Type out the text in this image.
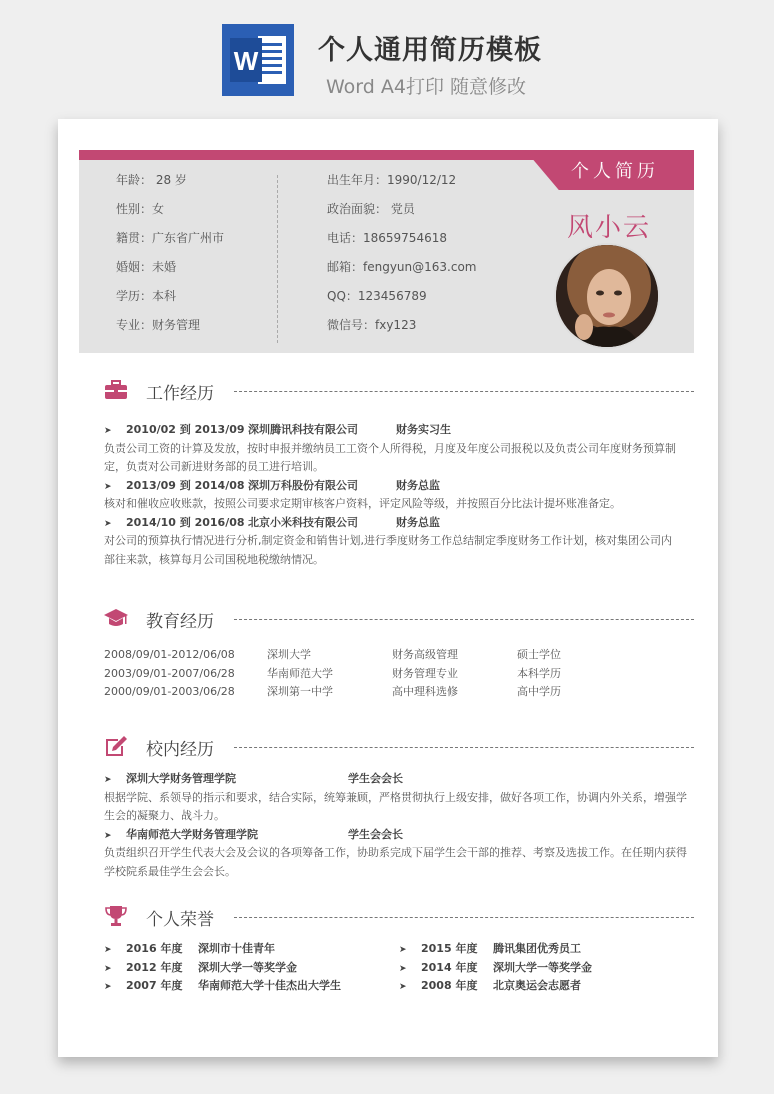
W 个人通用简历模板
Word A4打印 随意修改
个人简历
年龄： 28 岁
性别：女
籍贯：广东省广州市
婚姻：未婚
学历：本科
专业：财务管理
出生年月：1990/12/12
政治面貌： 党员
电话：18659754618
邮箱：fengyun@163.com
QQ：123456789
微信号：fxy123
风小云
工作经历
➤ 2010/02 到 2013/09 深圳腾讯科技有限公司	财务实习生
负责公司工资的计算及发放，按时申报并缴纳员工工资个人所得税，月度及年度公司报税以及负责公司年度财务预算制
定，负责对公司新进财务部的员工进行培训。
➤ 2013/09 到 2014/08 深圳万科股份有限公司	财务总监
核对和催收应收账款，按照公司要求定期审核客户资料，评定风险等级，并按照百分比法计提坏账准备定。
➤ 2014/10 到 2016/08 北京小米科技有限公司	财务总监
对公司的预算执行情况进行分析,制定资金和销售计划,进行季度财务工作总结制定季度财务工作计划，核对集团公司内
部往来款，核算每月公司国税地税缴纳情况。
教育经历
2008/09/01-2012/06/08	深圳大学	财务高级管理	硕士学位
2003/09/01-2007/06/28	华南师范大学	财务管理专业	本科学历
2000/09/01-2003/06/28	深圳第一中学	高中理科选修	高中学历
校内经历
➤ 深圳大学财务管理学院	学生会会长
根据学院、系领导的指示和要求，结合实际，统筹兼顾，严格贯彻执行上级安排，做好各项工作，协调内外关系，增强学
生会的凝聚力、战斗力。
➤ 华南师范大学财务管理学院	学生会会长
负责组织召开学生代表大会及会议的各项筹备工作，协助系完成下届学生会干部的推荐、考察及选拔工作。在任期内获得
学校院系最佳学生会会长。
个人荣誉
➤ 2016 年度 深圳市十佳青年	➤ 2015 年度 腾讯集团优秀员工
➤ 2012 年度 深圳大学一等奖学金	➤ 2014 年度 深圳大学一等奖学金
➤ 2007 年度 华南师范大学十佳杰出大学生	➤ 2008 年度 北京奥运会志愿者
